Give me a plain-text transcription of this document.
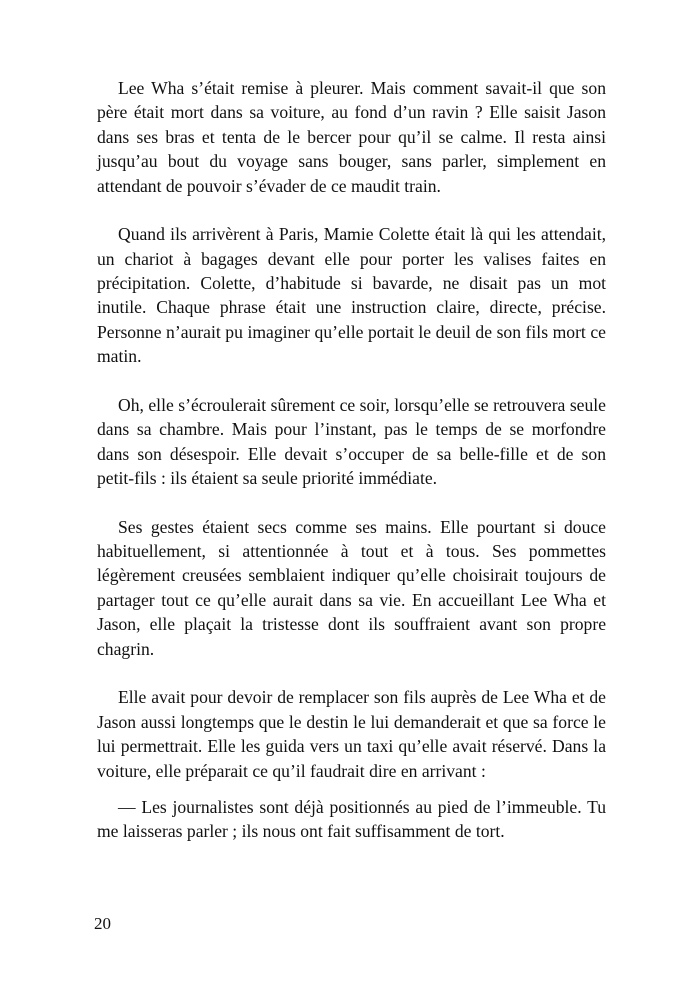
Lee Wha s’était remise à pleurer. Mais comment savait-il que son père était mort dans sa voiture, au fond d’un ravin ? Elle saisit Jason dans ses bras et tenta de le bercer pour qu’il se calme. Il resta ainsi jusqu’au bout du voyage sans bouger, sans parler, simplement en attendant de pouvoir s’évader de ce maudit train.

Quand ils arrivèrent à Paris, Mamie Colette était là qui les attendait, un chariot à bagages devant elle pour porter les valises faites en précipitation. Colette, d’habitude si bavarde, ne disait pas un mot inutile. Chaque phrase était une instruction claire, directe, précise. Personne n’aurait pu imaginer qu’elle portait le deuil de son fils mort ce matin.

Oh, elle s’écroulerait sûrement ce soir, lorsqu’elle se retrouvera seule dans sa chambre. Mais pour l’instant, pas le temps de se morfondre dans son désespoir. Elle devait s’occuper de sa belle-fille et de son petit-fils : ils étaient sa seule priorité immédiate.

Ses gestes étaient secs comme ses mains. Elle pourtant si douce habituellement, si attentionnée à tout et à tous. Ses pommettes légèrement creusées semblaient indiquer qu’elle choisirait toujours de partager tout ce qu’elle aurait dans sa vie. En accueillant Lee Wha et Jason, elle plaçait la tristesse dont ils souffraient avant son propre chagrin.

Elle avait pour devoir de remplacer son fils auprès de Lee Wha et de Jason aussi longtemps que le destin le lui demanderait et que sa force le lui permettrait. Elle les guida vers un taxi qu’elle avait réservé. Dans la voiture, elle préparait ce qu’il faudrait dire en arrivant :

— Les journalistes sont déjà positionnés au pied de l’immeuble. Tu me laisseras parler ; ils nous ont fait suffisamment de tort.

20
